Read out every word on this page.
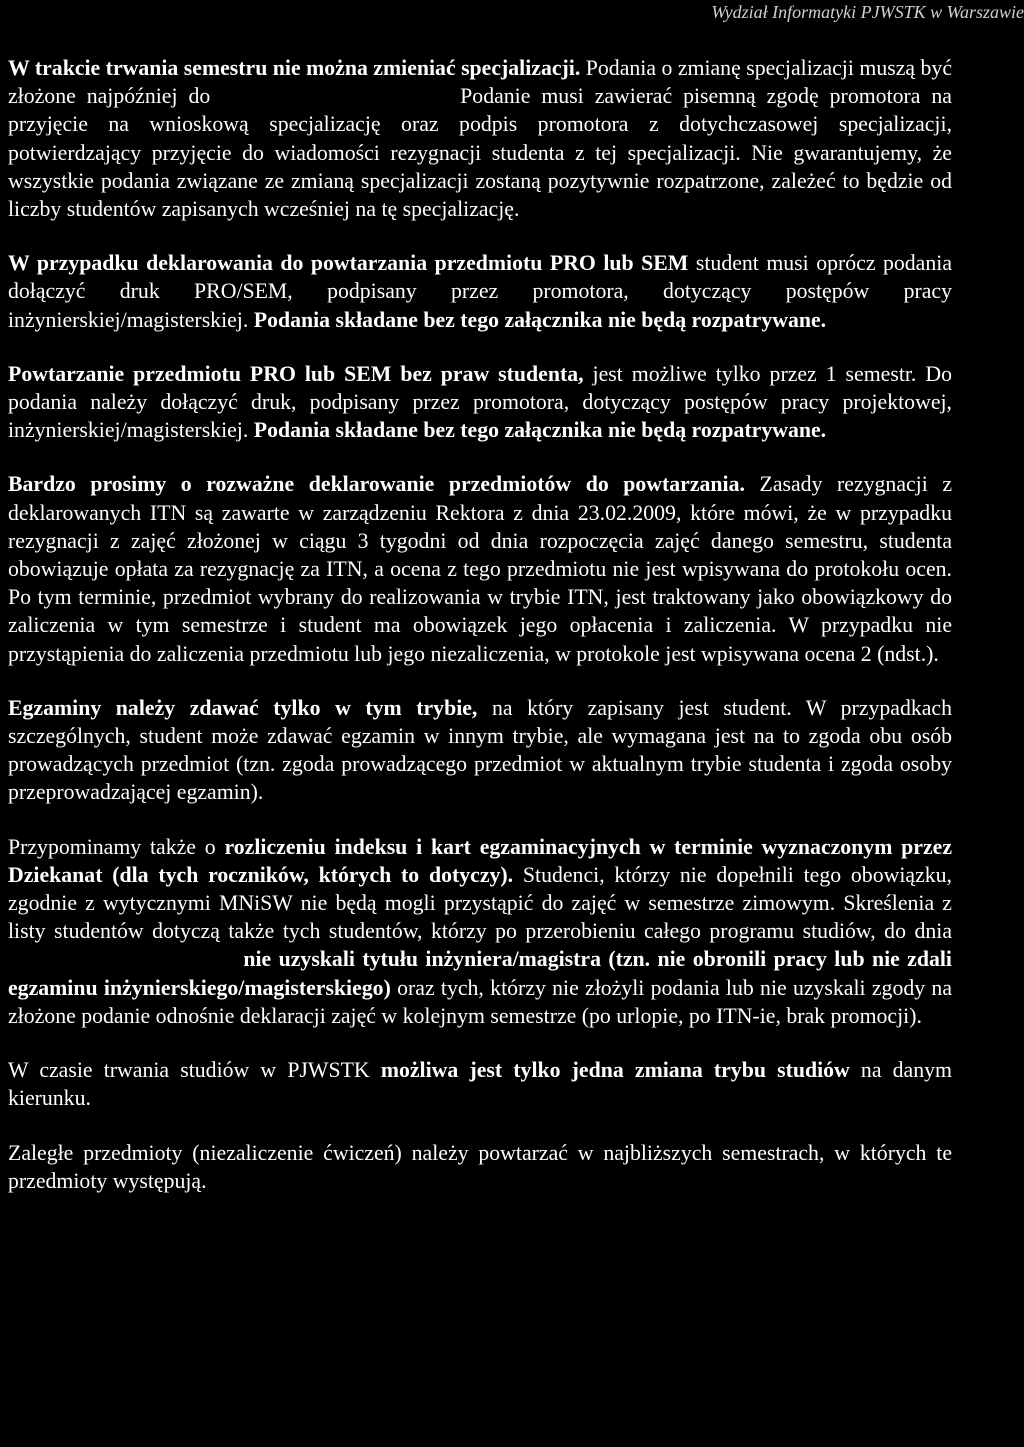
Wydział Informatyki PJWSTK w Warszawie

W trakcie trwania semestru nie można zmieniać specjalizacji. Podania o zmianę specjalizacji muszą być złożone najpóźniej do	Podanie musi zawierać pisemną zgodę promotora na przyjęcie na wnioskową specjalizację oraz podpis promotora z dotychczasowej specjalizacji, potwierdzający przyjęcie do wiadomości rezygnacji studenta z tej specjalizacji. Nie gwarantujemy, że wszystkie podania związane ze zmianą specjalizacji zostaną pozytywnie rozpatrzone, zależeć to będzie od liczby studentów zapisanych wcześniej na tę specjalizację.

W przypadku deklarowania do powtarzania przedmiotu PRO lub SEM student musi oprócz podania dołączyć druk PRO/SEM, podpisany przez promotora, dotyczący postępów pracy inżynierskiej/magisterskiej. Podania składane bez tego załącznika nie będą rozpatrywane.

Powtarzanie przedmiotu PRO lub SEM bez praw studenta, jest możliwe tylko przez 1 semestr. Do podania należy dołączyć druk, podpisany przez promotora, dotyczący postępów pracy projektowej, inżynierskiej/magisterskiej. Podania składane bez tego załącznika nie będą rozpatrywane.

Bardzo prosimy o rozważne deklarowanie przedmiotów do powtarzania. Zasady rezygnacji z deklarowanych ITN są zawarte w zarządzeniu Rektora z dnia 23.02.2009, które mówi, że w przypadku rezygnacji z zajęć złożonej w ciągu 3 tygodni od dnia rozpoczęcia zajęć danego semestru, studenta obowiązuje opłata za rezygnację za ITN, a ocena z tego przedmiotu nie jest wpisywana do protokołu ocen. Po tym terminie, przedmiot wybrany do realizowania w trybie ITN, jest traktowany jako obowiązkowy do zaliczenia w tym semestrze i student ma obowiązek jego opłacenia i zaliczenia. W przypadku nie przystąpienia do zaliczenia przedmiotu lub jego niezaliczenia, w protokole jest wpisywana ocena 2 (ndst.).

Egzaminy należy zdawać tylko w tym trybie, na który zapisany jest student. W przypadkach szczególnych, student może zdawać egzamin w innym trybie, ale wymagana jest na to zgoda obu osób prowadzących przedmiot (tzn. zgoda prowadzącego przedmiot w aktualnym trybie studenta i zgoda osoby przeprowadzającej egzamin).

Przypominamy także o rozliczeniu indeksu i kart egzaminacyjnych w terminie wyznaczonym przez Dziekanat (dla tych roczników, których to dotyczy). Studenci, którzy nie dopełnili tego obowiązku, zgodnie z wytycznymi MNiSW nie będą mogli przystąpić do zajęć w semestrze zimowym. Skreślenia z listy studentów dotyczą także tych studentów, którzy po przerobieniu całego programu studiów, do dnia  nie uzyskali tytułu inżyniera/magistra (tzn. nie obronili pracy lub nie zdali egzaminu inżynierskiego/magisterskiego) oraz tych, którzy nie złożyli podania lub nie uzyskali zgody na złożone podanie odnośnie deklaracji zajęć w kolejnym semestrze (po urlopie, po ITN-ie, brak promocji).

W czasie trwania studiów w PJWSTK możliwa jest tylko jedna zmiana trybu studiów na danym kierunku.

Zaległe przedmioty (niezaliczenie ćwiczeń) należy powtarzać w najbliższych semestrach, w których te przedmioty występują.
